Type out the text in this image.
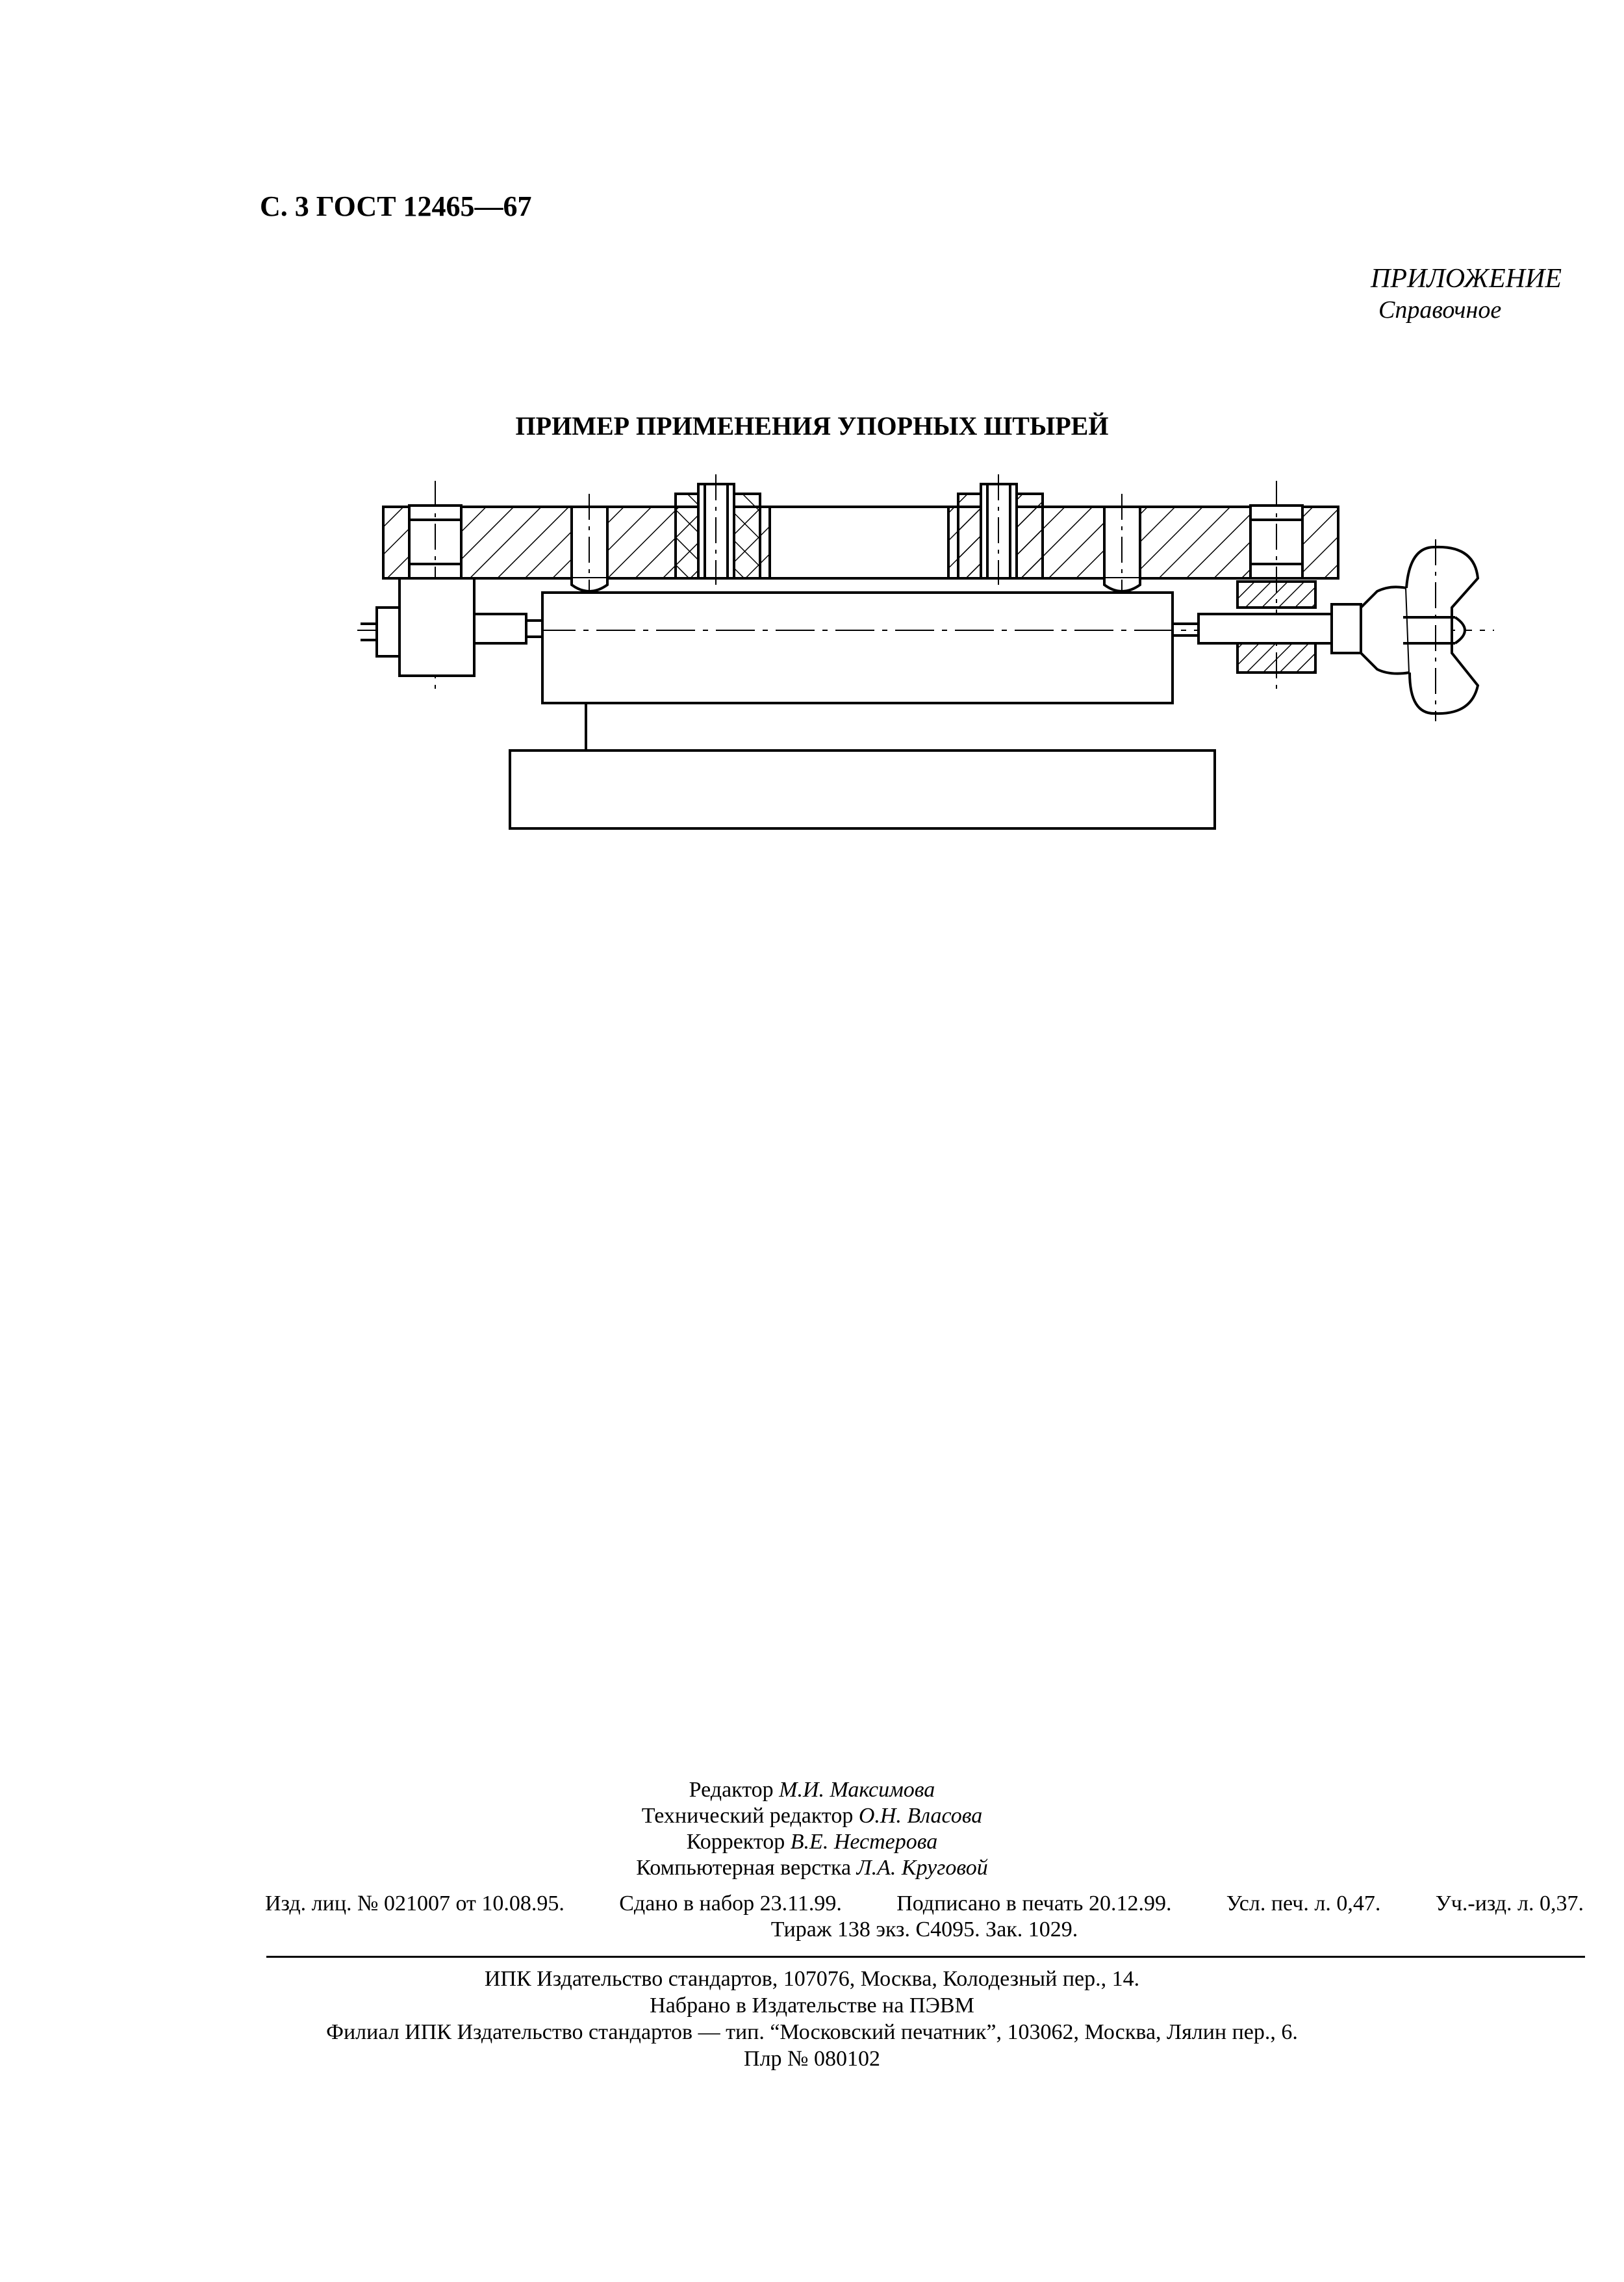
С. 3 ГОСТ 12465—67
ПРИЛОЖЕНИЕ
Справочное
ПРИМЕР ПРИМЕНЕНИЯ УПОРНЫХ ШТЫРЕЙ
Редактор М.И. Максимова
Технический редактор О.Н. Власова
Корректор В.Е. Нестерова
Компьютерная верстка Л.А. Круговой
Изд. лиц. № 021007 от 10.08.95. Сдано в набор 23.11.99. Подписано в печать 20.12.99. Усл. печ. л. 0,47. Уч.-изд. л. 0,37.
Тираж 138 экз. С4095. Зак. 1029.
ИПК Издательство стандартов, 107076, Москва, Колодезный пер., 14.
Набрано в Издательстве на ПЭВМ
Филиал ИПК Издательство стандартов — тип. “Московский печатник”, 103062, Москва, Лялин пер., 6.
Плр № 080102
